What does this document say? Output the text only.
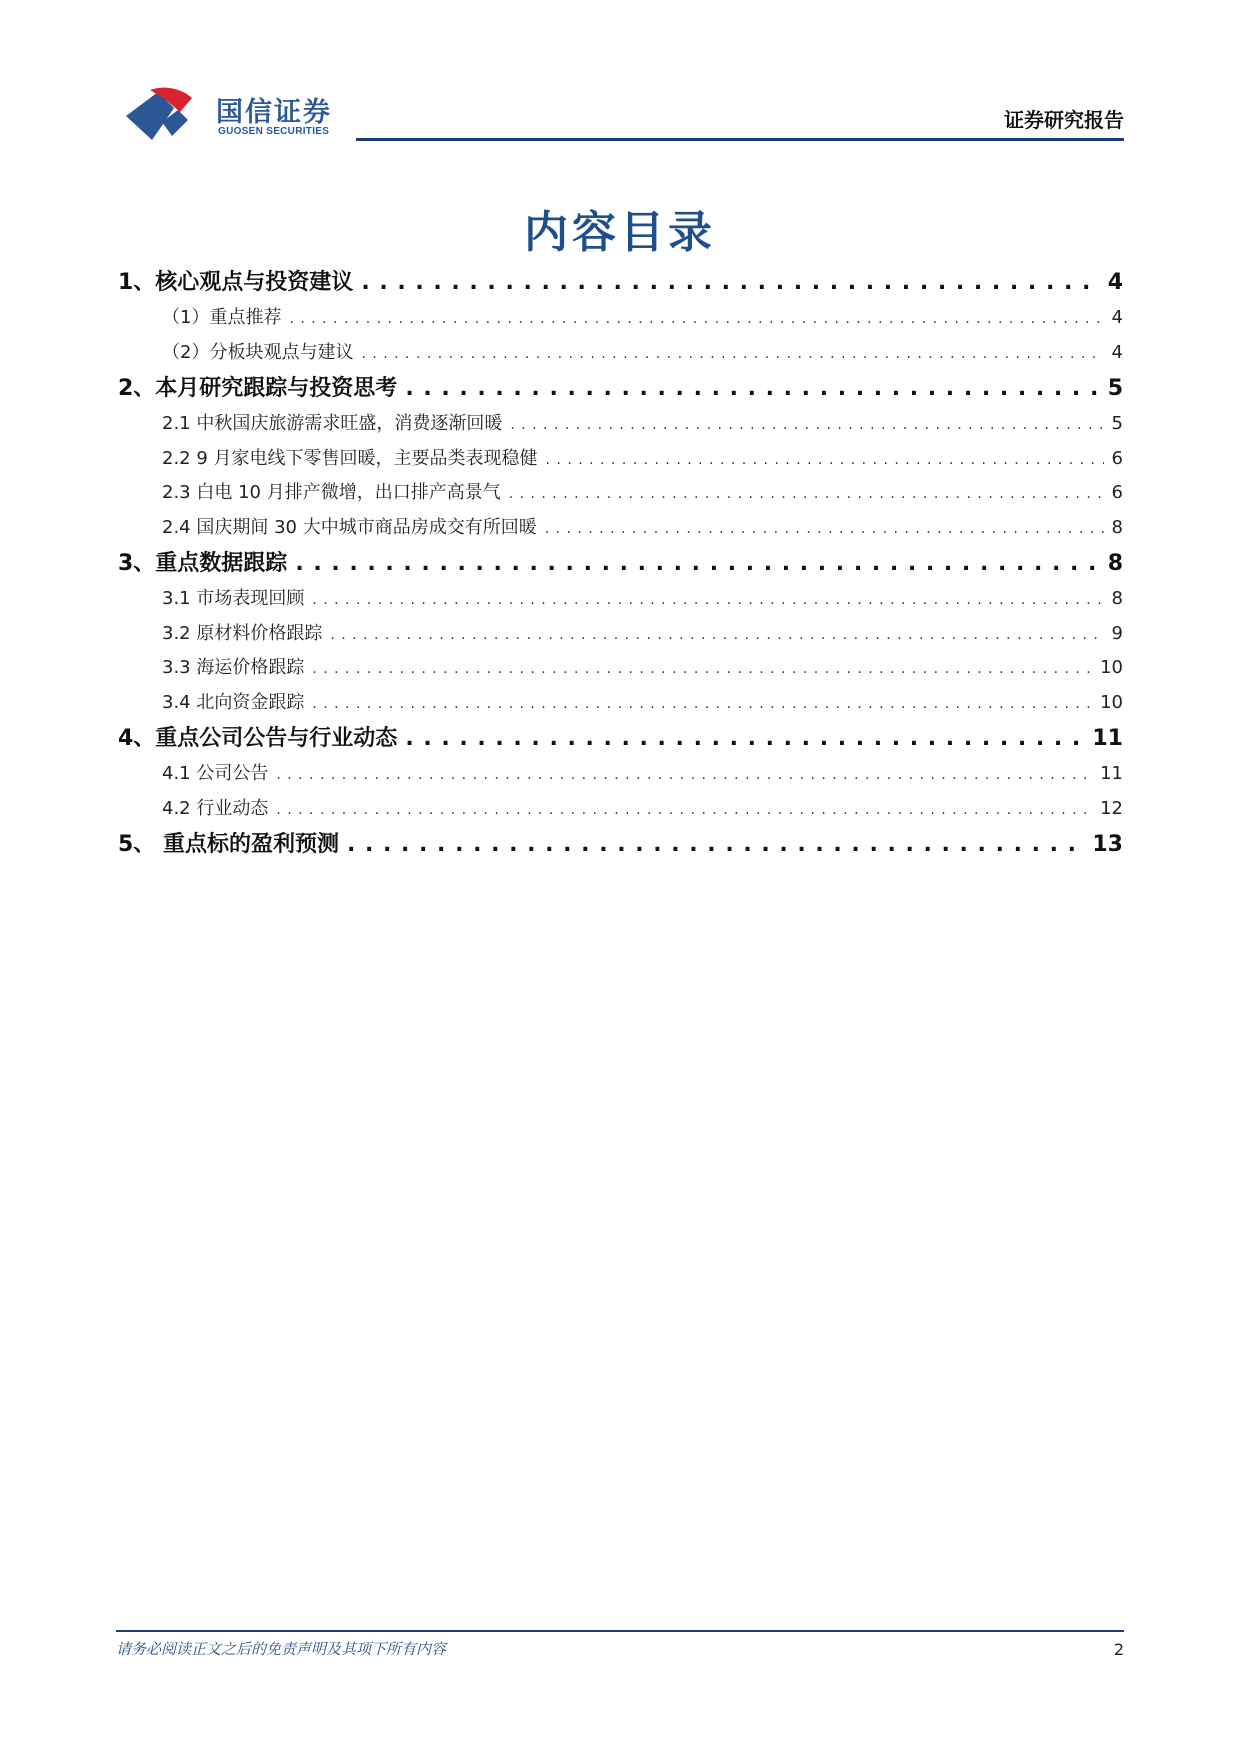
国信证券
GUOSEN SECURITIES	证券研究报告
内容目录
1、核心观点与投资建议 . . .	4
（1）重点推荐 . . .	4
（2）分板块观点与建议 . . .	4
2、本月研究跟踪与投资思考 . . .	5
2.1 中秋国庆旅游需求旺盛，消费逐渐回暖 . . .	5
2.2 9 月家电线下零售回暖，主要品类表现稳健 . . .	6
2.3 白电 10 月排产微增，出口排产高景气 . . .	6
2.4 国庆期间 30 大中城市商品房成交有所回暖 . . .	8
3、重点数据跟踪 . . .	8
3.1 市场表现回顾 . . .	8
3.2 原材料价格跟踪 . . .	9
3.3 海运价格跟踪 . . .	10
3.4 北向资金跟踪 . . .	10
4、重点公司公告与行业动态 . . .	11
4.1 公司公告 . . .	11
4.2 行业动态 . . .	12
5、 重点标的盈利预测 . . .	13
请务必阅读正文之后的免责声明及其项下所有内容	2
